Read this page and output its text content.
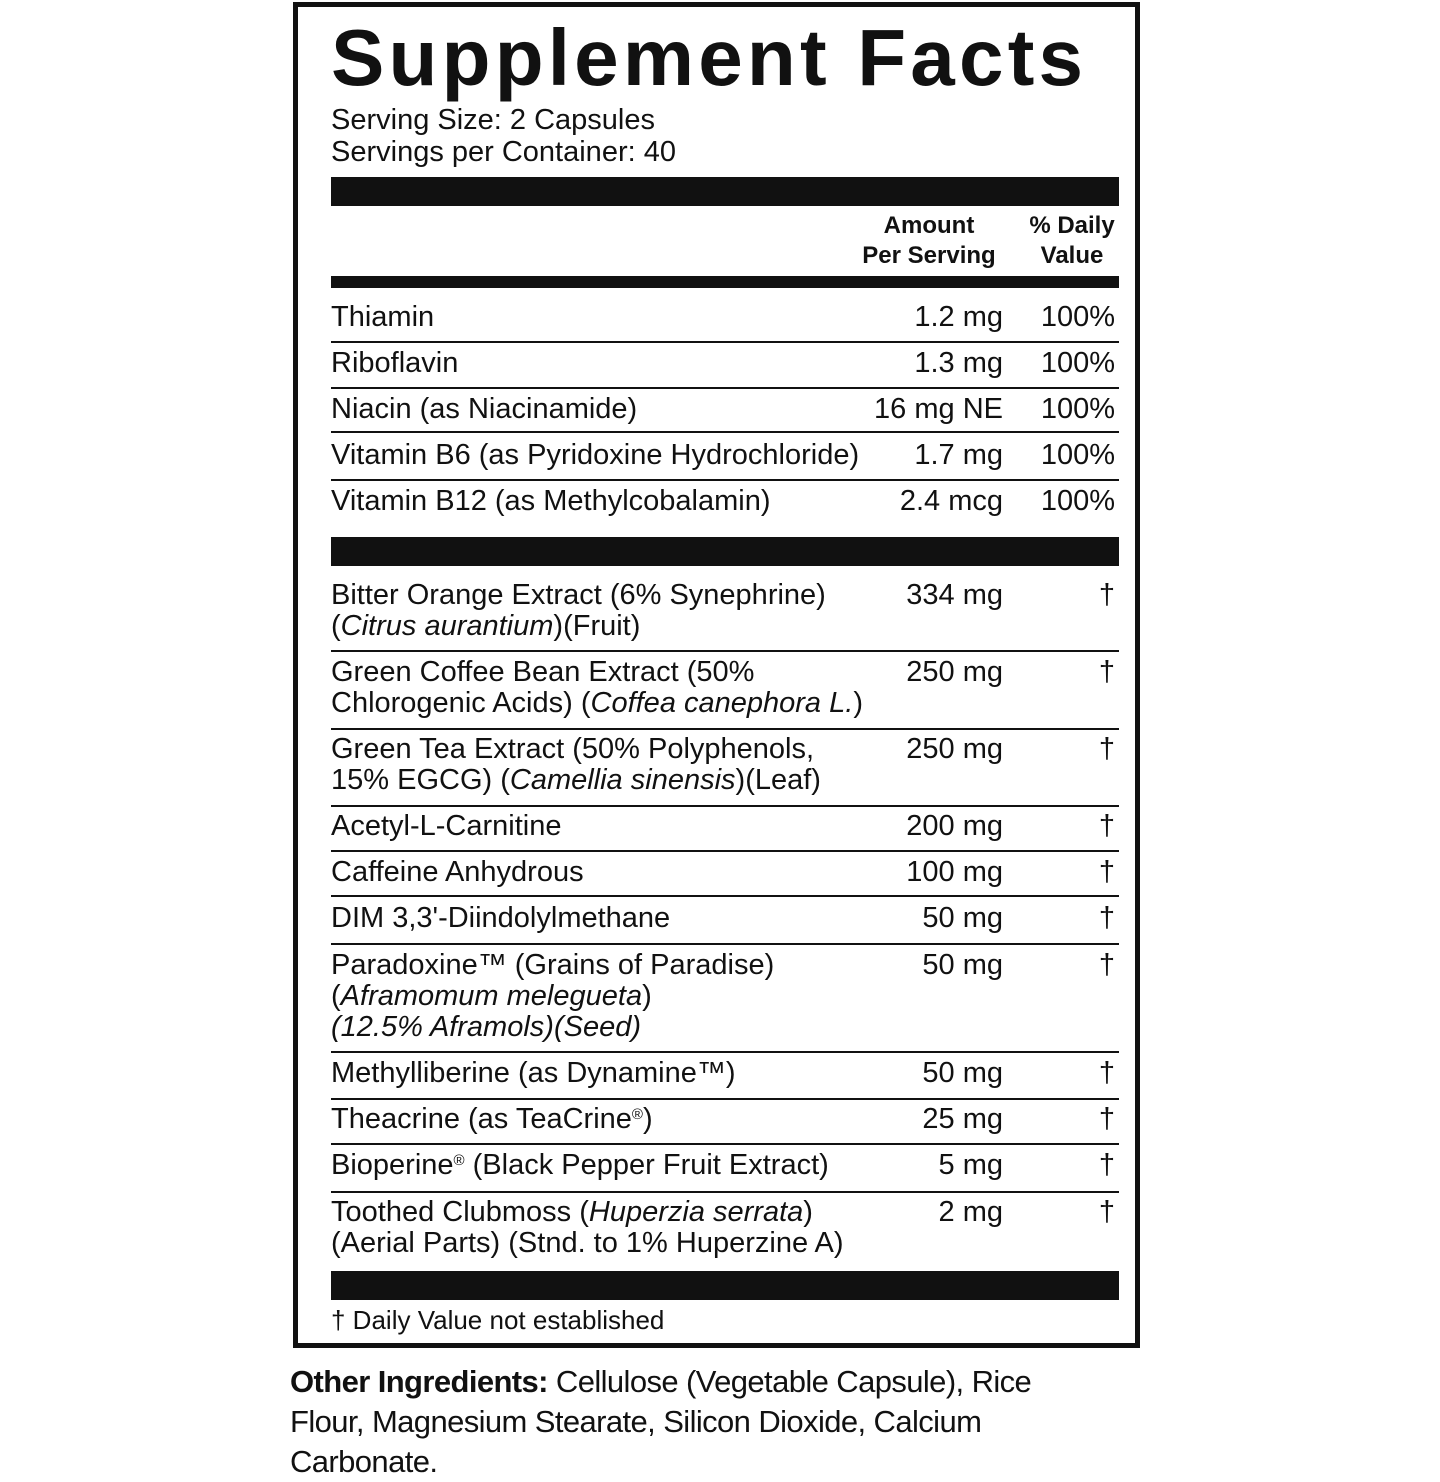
Supplement Facts
Serving Size: 2 Capsules
Servings per Container: 40
Amount
Per Serving
% Daily
Value
Thiamin	1.2 mg 100%
Riboflavin	1.3 mg 100%
Niacin (as Niacinamide)	16 mg NE 100%
Vitamin B6 (as Pyridoxine Hydrochloride) 1.7 mg 100%
Vitamin B12 (as Methylcobalamin)	2.4 mcg 100%
Bitter Orange Extract (6% Synephrine)
(Citrus aurantium)(Fruit)
334 mg	†
Green Coffee Bean Extract (50%
Chlorogenic Acids) (Coffea canephora L.)
250 mg	†
Green Tea Extract (50% Polyphenols,
15% EGCG) (Camellia sinensis)(Leaf)
250 mg	†
Acetyl-L-Carnitine	200 mg	†
Caffeine Anhydrous	100 mg	†
DIM 3,3'-Diindolylmethane	50 mg	†
Paradoxine™ (Grains of Paradise)
(Aframomum melegueta)
(12.5% Aframols)(Seed)
50 mg	†
Methylliberine (as Dynamine™)	50 mg	†
Theacrine (as TeaCrine®)	25 mg	†
Bioperine® (Black Pepper Fruit Extract)	5 mg	†
Toothed Clubmoss (Huperzia serrata)
(Aerial Parts) (Stnd. to 1% Huperzine A)
2 mg	†
† Daily Value not established
Other Ingredients: Cellulose (Vegetable Capsule), Rice Flour, Magnesium Stearate, Silicon Dioxide, Calcium Carbonate.
